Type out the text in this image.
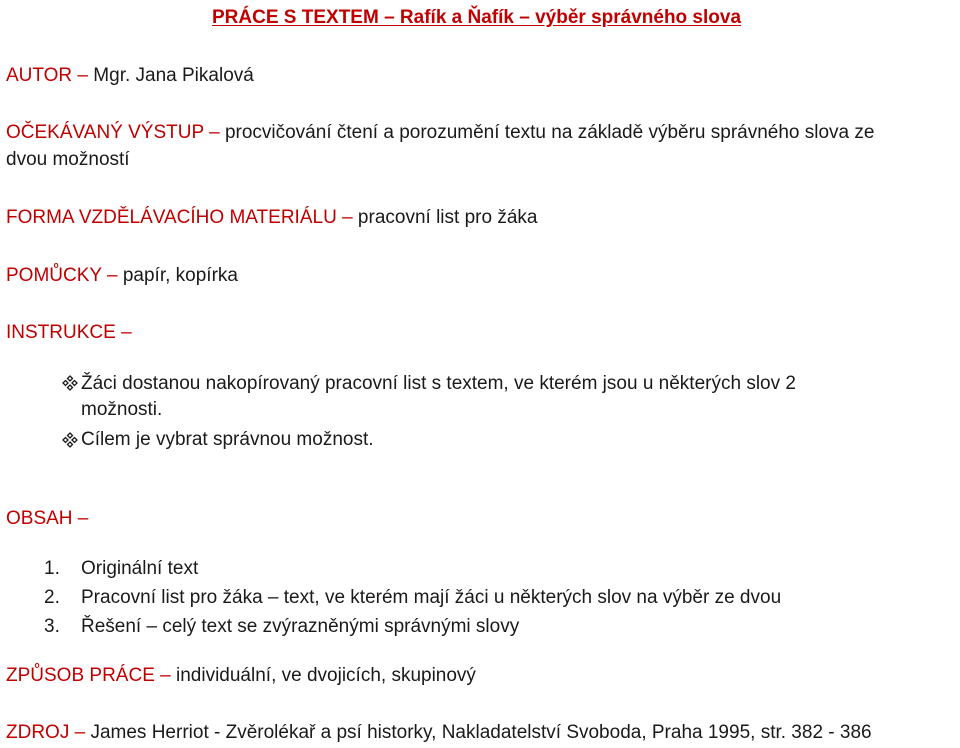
PRÁCE S TEXTEM – Rafík a Ňafík – výběr správného slova
AUTOR – Mgr. Jana Pikalová
OČEKÁVANÝ VÝSTUP – procvičování čtení a porozumění textu na základě výběru správného slova ze
dvou možností
FORMA VZDĚLÁVACÍHO MATERIÁLU – pracovní list pro žáka
POMŮCKY – papír, kopírka
INSTRUKCE –
Žáci dostanou nakopírovaný pracovní list s textem, ve kterém jsou u některých slov 2
možnosti.
Cílem je vybrat správnou možnost.
OBSAH –
1. Originální text
2. Pracovní list pro žáka – text, ve kterém mají žáci u některých slov na výběr ze dvou
3. Řešení – celý text se zvýrazněnými správnými slovy
ZPŮSOB PRÁCE – individuální, ve dvojicích, skupinový
ZDROJ – James Herriot - Zvěrolékař a psí historky, Nakladatelství Svoboda, Praha 1995, str. 382 - 386
